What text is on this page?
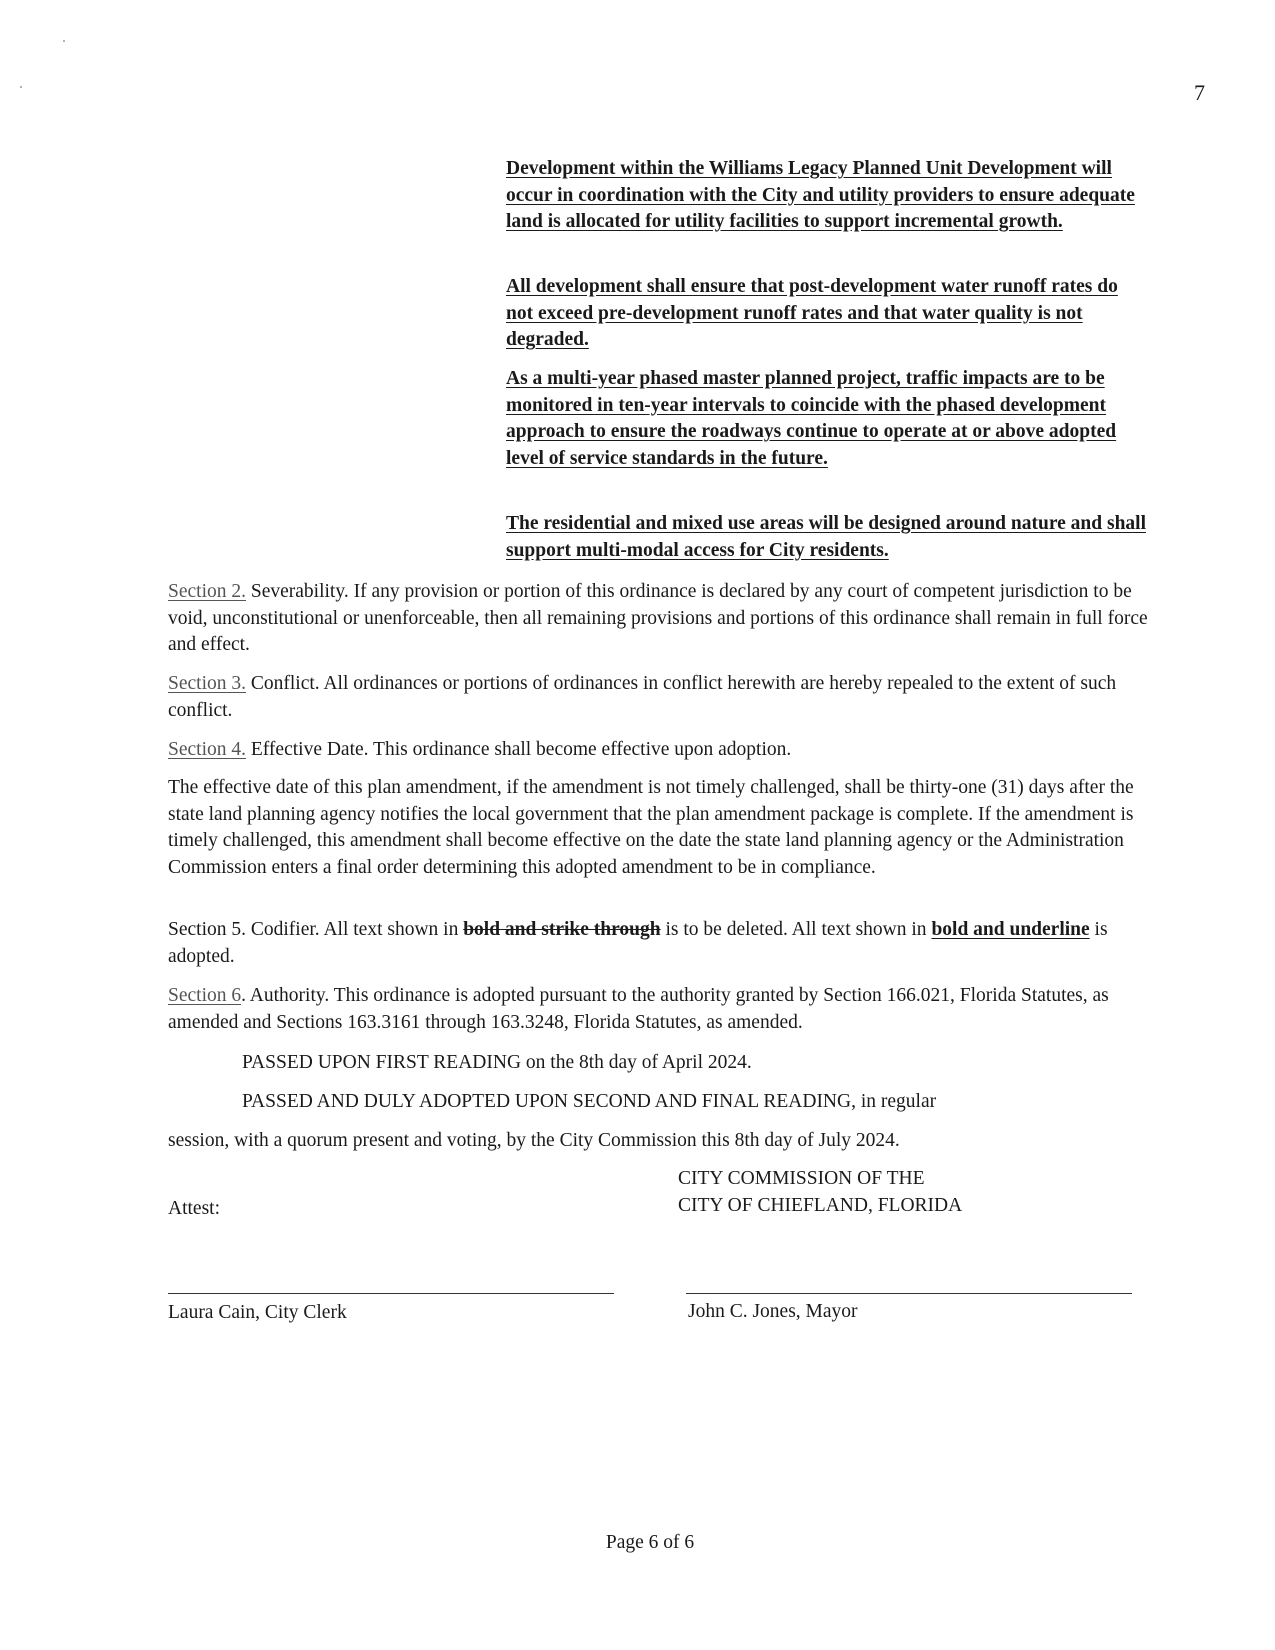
7
Development within the Williams Legacy Planned Unit Development will occur in coordination with the City and utility providers to ensure adequate land is allocated for utility facilities to support incremental growth.
All development shall ensure that post-development water runoff rates do not exceed pre-development runoff rates and that water quality is not degraded.
As a multi-year phased master planned project, traffic impacts are to be monitored in ten-year intervals to coincide with the phased development approach to ensure the roadways continue to operate at or above adopted level of service standards in the future.
The residential and mixed use areas will be designed around nature and shall support multi-modal access for City residents.
Section 2. Severability. If any provision or portion of this ordinance is declared by any court of competent jurisdiction to be void, unconstitutional or unenforceable, then all remaining provisions and portions of this ordinance shall remain in full force and effect.
Section 3. Conflict. All ordinances or portions of ordinances in conflict herewith are hereby repealed to the extent of such conflict.
Section 4. Effective Date. This ordinance shall become effective upon adoption.
The effective date of this plan amendment, if the amendment is not timely challenged, shall be thirty-one (31) days after the state land planning agency notifies the local government that the plan amendment package is complete. If the amendment is timely challenged, this amendment shall become effective on the date the state land planning agency or the Administration Commission enters a final order determining this adopted amendment to be in compliance.
Section 5. Codifier. All text shown in bold and strike through is to be deleted. All text shown in bold and underline is adopted.
Section 6. Authority. This ordinance is adopted pursuant to the authority granted by Section 166.021, Florida Statutes, as amended and Sections 163.3161 through 163.3248, Florida Statutes, as amended.
PASSED UPON FIRST READING on the 8th day of April 2024.
PASSED AND DULY ADOPTED UPON SECOND AND FINAL READING, in regular
session, with a quorum present and voting, by the City Commission this 8th day of July 2024.
CITY COMMISSION OF THE
CITY OF CHIEFLAND, FLORIDA
Attest:
Laura Cain, City Clerk	John C. Jones, Mayor
Page 6 of 6
